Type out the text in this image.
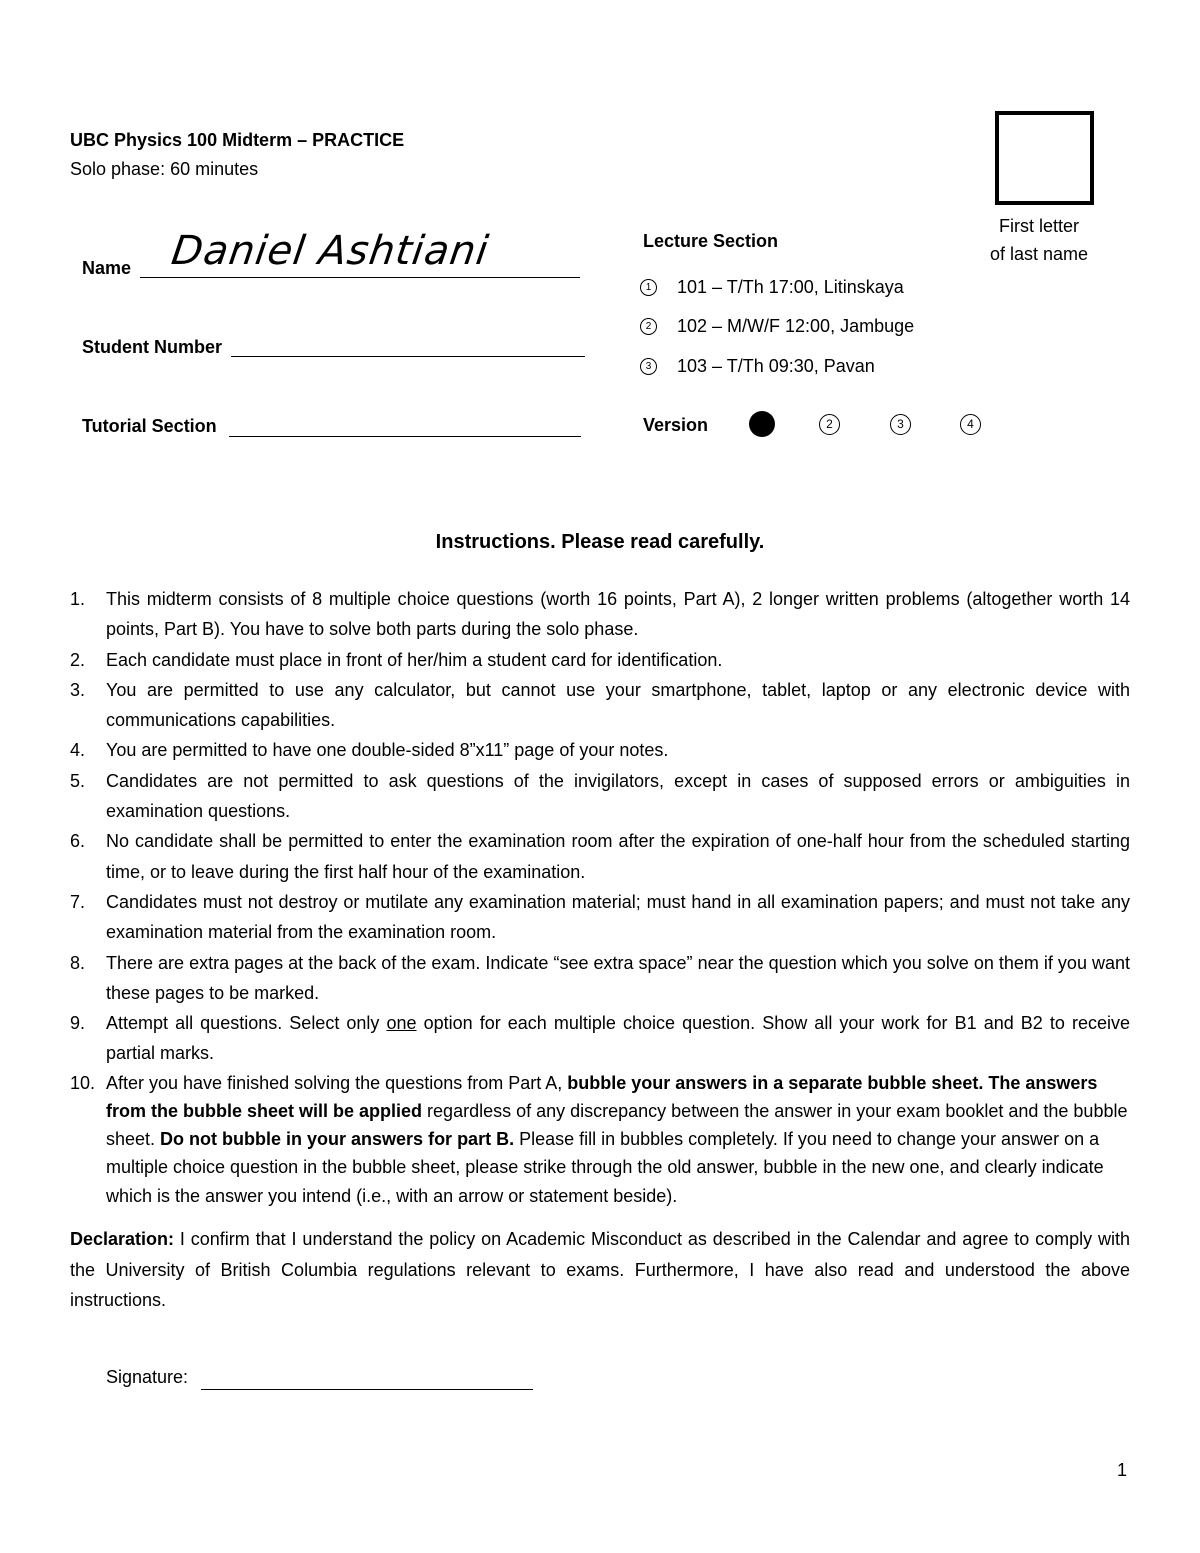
UBC Physics 100 Midterm – PRACTICE
Solo phase: 60 minutes
First letter
of last name
Name Daniel Ashtiani
Student Number
Tutorial Section
Lecture Section
1	101 – T/Th 17:00, Litinskaya
2	102 – M/W/F 12:00, Jambuge
3	103 – T/Th 09:30, Pavan
Version	2	3	4
Instructions. Please read carefully.
1.	This midterm consists of 8 multiple choice questions (worth 16 points, Part A), 2 longer written problems (altogether worth 14 points, Part B). You have to solve both parts during the solo phase.
2.	Each candidate must place in front of her/him a student card for identification.
3.	You are permitted to use any calculator, but cannot use your smartphone, tablet, laptop or any electronic device with communications capabilities.
4.	You are permitted to have one double-sided 8”x11” page of your notes.
5.	Candidates are not permitted to ask questions of the invigilators, except in cases of supposed errors or ambiguities in examination questions.
6.	No candidate shall be permitted to enter the examination room after the expiration of one-half hour from the scheduled starting time, or to leave during the first half hour of the examination.
7.	Candidates must not destroy or mutilate any examination material; must hand in all examination papers; and must not take any examination material from the examination room.
8.	There are extra pages at the back of the exam. Indicate “see extra space” near the question which you solve on them if you want these pages to be marked.
9.	Attempt all questions. Select only one option for each multiple choice question. Show all your work for B1 and B2 to receive partial marks.
10. After you have finished solving the questions from Part A, bubble your answers in a separate bubble sheet. The answers from the bubble sheet will be applied regardless of any discrepancy between the answer in your exam booklet and the bubble sheet. Do not bubble in your answers for part B. Please fill in bubbles completely. If you need to change your answer on a multiple choice question in the bubble sheet, please strike through the old answer, bubble in the new one, and clearly indicate which is the answer you intend (i.e., with an arrow or statement beside).
Declaration: I confirm that I understand the policy on Academic Misconduct as described in the Calendar and agree to comply with the University of British Columbia regulations relevant to exams. Furthermore, I have also read and understood the above instructions.
Signature:
1
